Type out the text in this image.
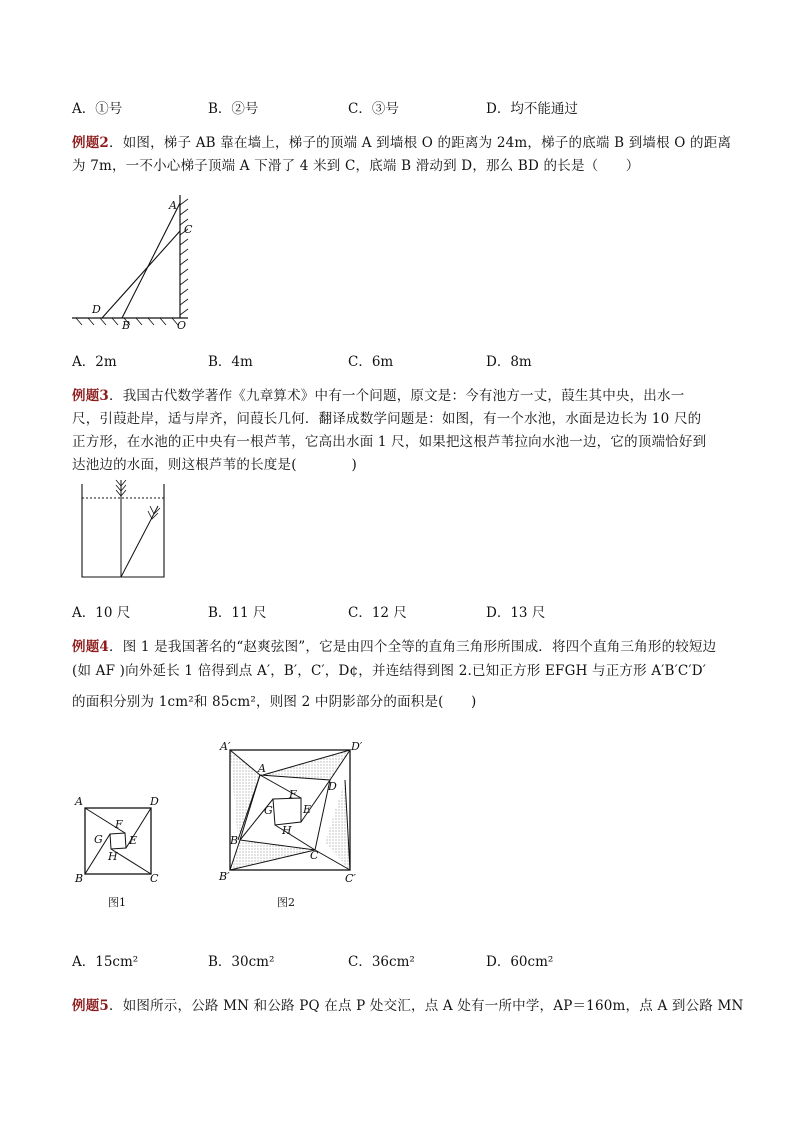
A．①号	B．②号	C．③号	D．均不能通过
例题2．如图，梯子 AB 靠在墙上，梯子的顶端 A 到墙根 O 的距离为 24m，梯子的底端 B 到墙根 O 的距离
为 7m，一不小心梯子顶端 A 下滑了 4 米到 C，底端 B 滑动到 D，那么 BD 的长是（　　）
A
C
D
B	O
A．2m	B．4m	C．6m	D．8m
例题3．我国古代数学著作《九章算术》中有一个问题，原文是：今有池方一丈，葭生其中央，出水一
尺，引葭赴岸，适与岸齐，问葭长几何．翻译成数学问题是：如图，有一个水池，水面是边长为 10 尺的
正方形，在水池的正中央有一根芦苇，它高出水面 1 尺，如果把这根芦苇拉向水池一边，它的顶端恰好到
达池边的水面，则这根芦苇的长度是(　　　　)
A．10 尺	B．11 尺	C．12 尺	D．13 尺
例题4．图 1 是我国著名的“赵爽弦图”，它是由四个全等的直角三角形所围成．将四个直角三角形的较短边
(如 AF )向外延长 1 倍得到点 A′，B′，C′，D¢，并连结得到图 2.已知正方形 EFGH 与正方形 A′B′C′D′
的面积分别为 1cm²和 85cm²，则图 2 中阴影部分的面积是(　　)
A	D
B	C
F
G E
H
图1
A′	D′
B′	C′
A
D
B
C
F
G	E
H
图2
A．15cm²	B．30cm²	C．36cm²	D．60cm²
例题5．如图所示，公路 MN 和公路 PQ 在点 P 处交汇，点 A 处有一所中学，AP＝160m，点 A 到公路 MN
